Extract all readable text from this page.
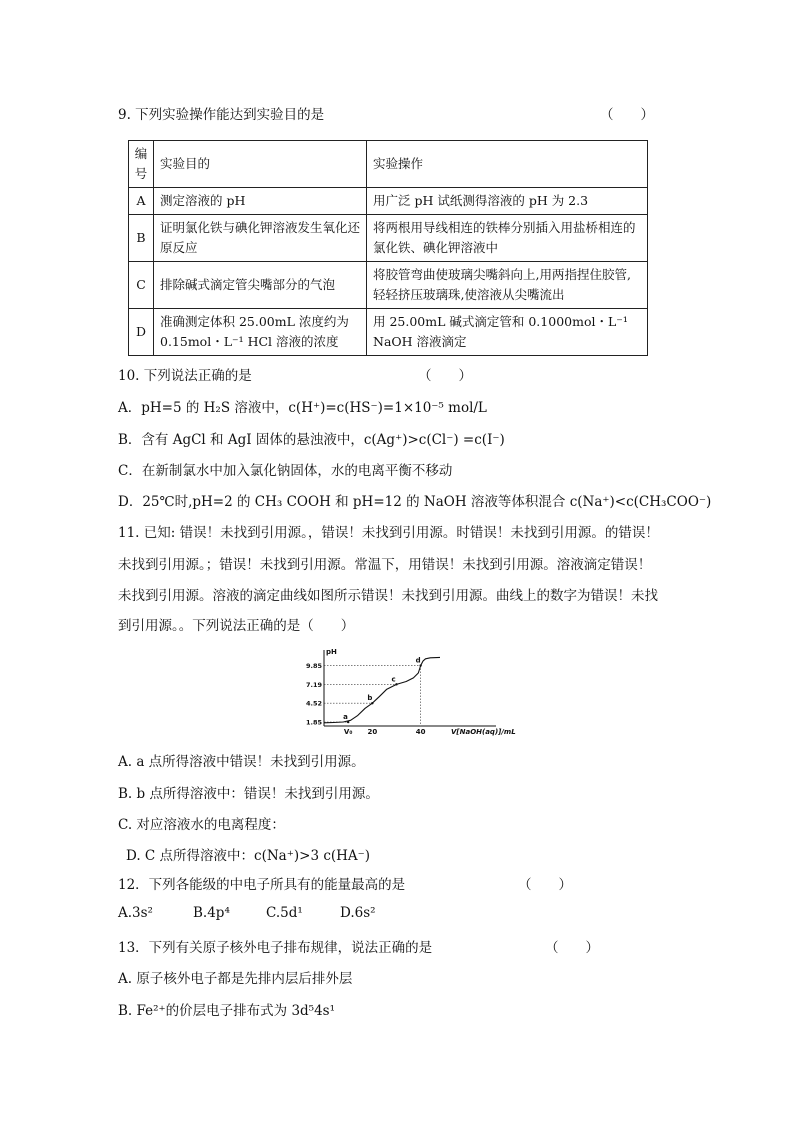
9. 下列实验操作能达到实验目的是	（　　）
编号	实验目的	实验操作
A	测定溶液的 pH	用广泛 pH 试纸测得溶液的 pH 为 2.3
B	证明氯化铁与碘化钾溶液发生氧化还原反应	将两根用导线相连的铁棒分别插入用盐桥相连的氯化铁、碘化钾溶液中
C	排除碱式滴定管尖嘴部分的气泡	将胶管弯曲使玻璃尖嘴斜向上,用两指捏住胶管,轻轻挤压玻璃珠,使溶液从尖嘴流出
D	准确测定体积 25.00mL 浓度约为 0.15mol・L⁻¹ HCl 溶液的浓度	用 25.00mL 碱式滴定管和 0.1000mol・L⁻¹ NaOH 溶液滴定
10. 下列说法正确的是	（　　）
A．pH=5 的 H₂S 溶液中，c(H⁺)=c(HS⁻)=1×10⁻⁵ mol/L
B．含有 AgCl 和 AgI 固体的悬浊液中，c(Ag⁺)>c(Cl⁻) =c(I⁻)
C．在新制氯水中加入氯化钠固体，水的电离平衡不移动
D．25℃时,pH=2 的 CH₃ COOH 和 pH=12 的 NaOH 溶液等体积混合 c(Na⁺)<c(CH₃COO⁻)
11. 已知: 错误！未找到引用源。，错误！未找到引用源。时错误！未找到引用源。的错误！
未找到引用源。；错误！未找到引用源。常温下，用错误！未找到引用源。溶液滴定错误！
未找到引用源。溶液的滴定曲线如图所示错误！未找到引用源。曲线上的数字为错误！未找
到引用源。。下列说法正确的是（　　）
pH
V[NaOH(aq)]/mL
1.85
4.52
7.19
9.85
V₀ 20	40
a
b
c
d
A. a 点所得溶液中错误！未找到引用源。
B. b 点所得溶液中：错误！未找到引用源。
C. 对应溶液水的电离程度：
D. C 点所得溶液中：c(Na⁺)>3 c(HA⁻)
12．下列各能级的中电子所具有的能量最高的是	（　　）
A.3s²	B.4p⁴	C.5d¹	D.6s²
13．下列有关原子核外电子排布规律，说法正确的是	（　　）
A. 原子核外电子都是先排内层后排外层
B. Fe²⁺的价层电子排布式为 3d⁵4s¹
